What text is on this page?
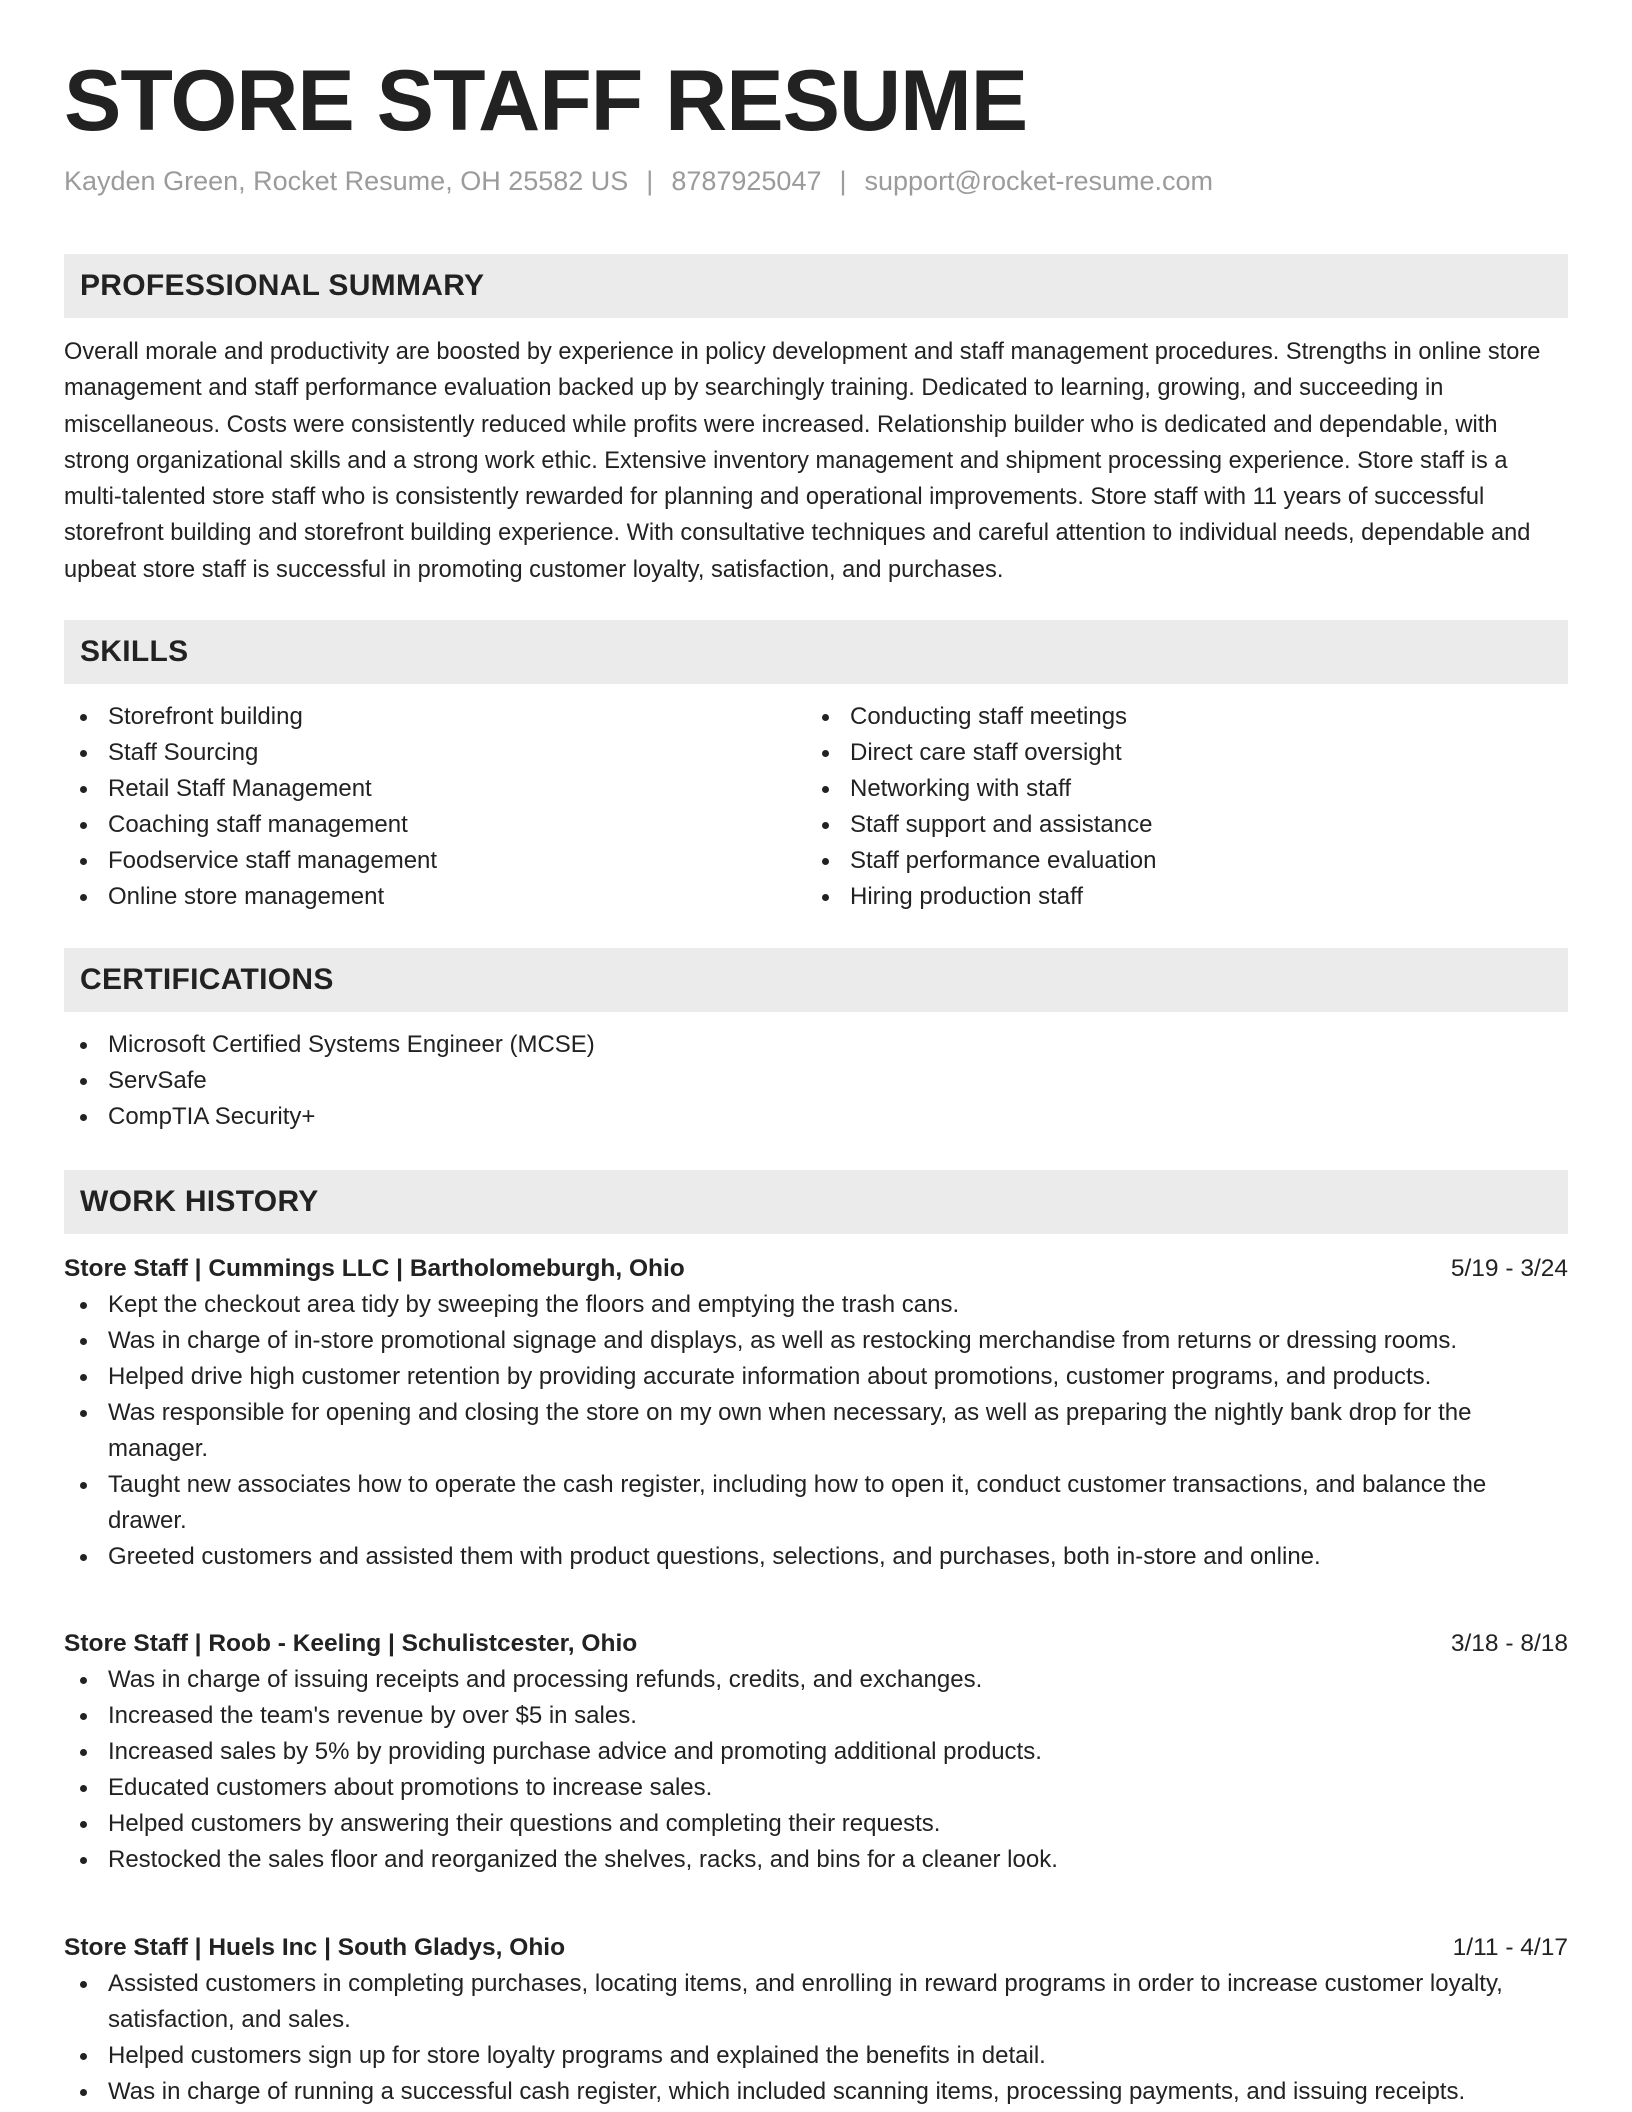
STORE STAFF RESUME
Kayden Green, Rocket Resume, OH 25582 US | 8787925047 | support@rocket-resume.com
PROFESSIONAL SUMMARY

Overall morale and productivity are boosted by experience in policy development and staff management procedures. Strengths in online store management and staff performance evaluation backed up by searchingly training. Dedicated to learning, growing, and succeeding in miscellaneous. Costs were consistently reduced while profits were increased. Relationship builder who is dedicated and dependable, with strong organizational skills and a strong work ethic. Extensive inventory management and shipment processing experience. Store staff is a multi-talented store staff who is consistently rewarded for planning and operational improvements. Store staff with 11 years of successful storefront building and storefront building experience. With consultative techniques and careful attention to individual needs, dependable and upbeat store staff is successful in promoting customer loyalty, satisfaction, and purchases.

SKILLS
Storefront building
Staff Sourcing
Retail Staff Management
Coaching staff management
Foodservice staff management
Online store management
Conducting staff meetings
Direct care staff oversight
Networking with staff
Staff support and assistance
Staff performance evaluation
Hiring production staff
CERTIFICATIONS
Microsoft Certified Systems Engineer (MCSE)
ServSafe
CompTIA Security+
WORK HISTORY
Store Staff | Cummings LLC | Bartholomeburgh, Ohio	5/19 - 3/24
Kept the checkout area tidy by sweeping the floors and emptying the trash cans.
Was in charge of in-store promotional signage and displays, as well as restocking merchandise from returns or dressing rooms.
Helped drive high customer retention by providing accurate information about promotions, customer programs, and products.
Was responsible for opening and closing the store on my own when necessary, as well as preparing the nightly bank drop for the manager.
Taught new associates how to operate the cash register, including how to open it, conduct customer transactions, and balance the drawer.
Greeted customers and assisted them with product questions, selections, and purchases, both in-store and online.
Store Staff | Roob - Keeling | Schulistcester, Ohio	3/18 - 8/18
Was in charge of issuing receipts and processing refunds, credits, and exchanges.
Increased the team's revenue by over $5 in sales.
Increased sales by 5% by providing purchase advice and promoting additional products.
Educated customers about promotions to increase sales.
Helped customers by answering their questions and completing their requests.
Restocked the sales floor and reorganized the shelves, racks, and bins for a cleaner look.
Store Staff | Huels Inc | South Gladys, Ohio	1/11 - 4/17
Assisted customers in completing purchases, locating items, and enrolling in reward programs in order to increase customer loyalty, satisfaction, and sales.
Helped customers sign up for store loyalty programs and explained the benefits in detail.
Was in charge of running a successful cash register, which included scanning items, processing payments, and issuing receipts.
